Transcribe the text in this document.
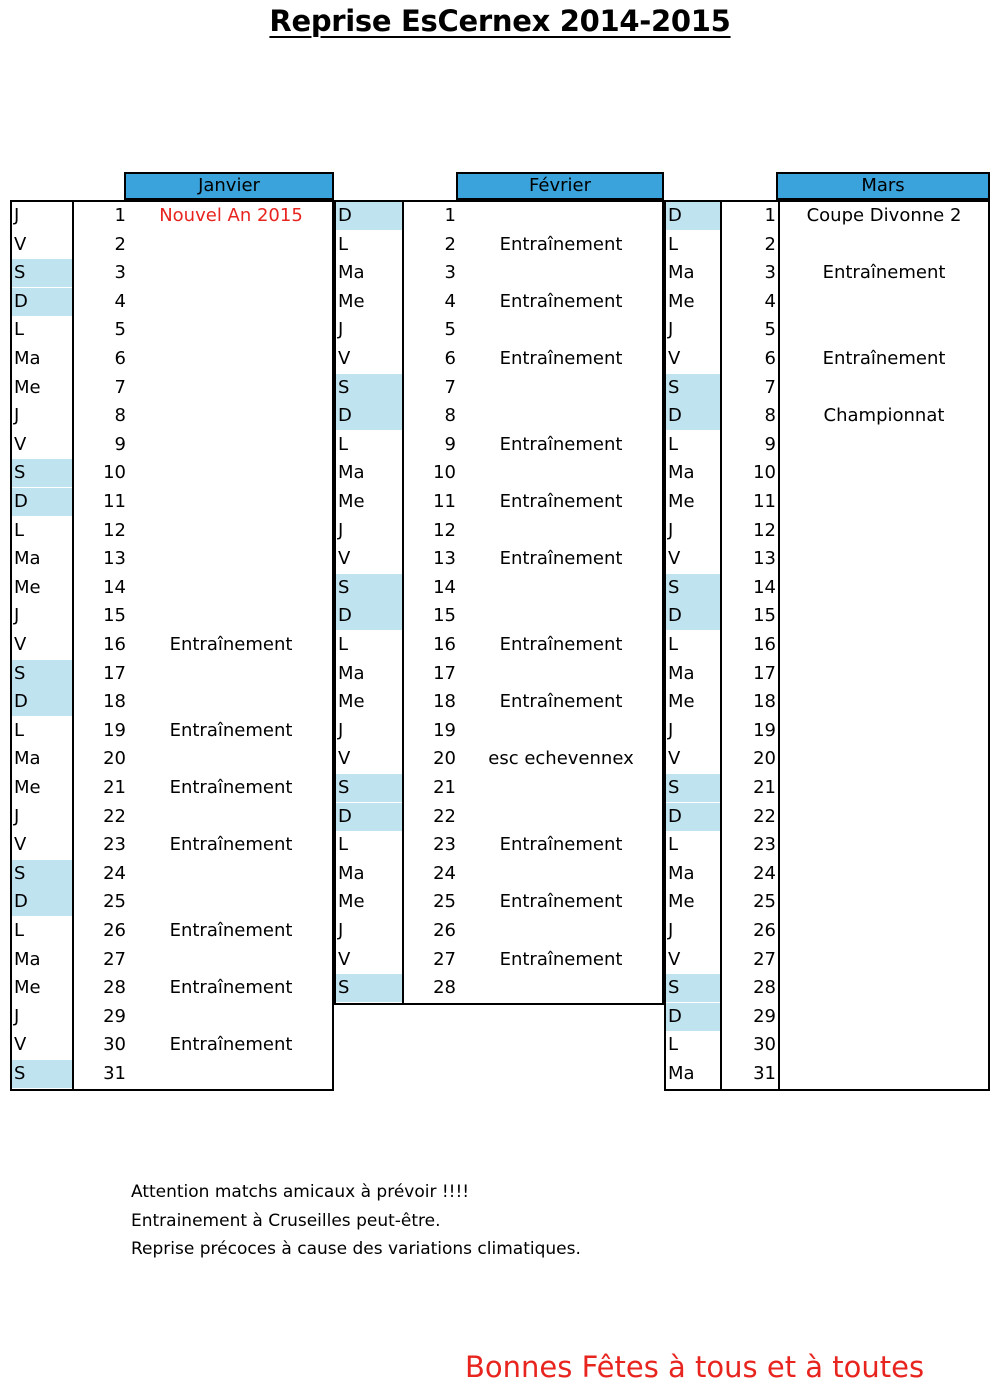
Reprise EsCernex 2014-2015
Janvier
J	1	Nouvel An 2015
V	2
S	3
D	4
L	5
Ma	6
Me	7
J	8
V	9
S	10
D	11
L	12
Ma	13
Me	14
J	15
V	16	Entraînement
S	17
D	18
L	19	Entraînement
Ma	20
Me	21	Entraînement
J	22
V	23	Entraînement
S	24
D	25
L	26	Entraînement
Ma	27
Me	28	Entraînement
J	29
V	30	Entraînement
S	31
Février
D	1
L	2	Entraînement
Ma	3
Me	4	Entraînement
J	5
V	6	Entraînement
S	7
D	8
L	9	Entraînement
Ma	10
Me	11	Entraînement
J	12
V	13	Entraînement
S	14
D	15
L	16	Entraînement
Ma	17
Me	18	Entraînement
J	19
V	20	esc echevennex
S	21
D	22
L	23	Entraînement
Ma	24
Me	25	Entraînement
J	26
V	27	Entraînement
S	28
Mars
D	1	Coupe Divonne 2
L	2
Ma	3	Entraînement
Me	4
J	5
V	6	Entraînement
S	7
D	8	Championnat
L	9
Ma	10
Me	11
J	12
V	13
S	14
D	15
L	16
Ma	17
Me	18
J	19
V	20
S	21
D	22
L	23
Ma	24
Me	25
J	26
V	27
S	28
D	29
L	30
Ma	31
Attention matchs amicaux à prévoir !!!!
Entrainement à Cruseilles peut-être.
Reprise précoces à cause des variations climatiques.
Bonnes Fêtes à tous et à toutes
